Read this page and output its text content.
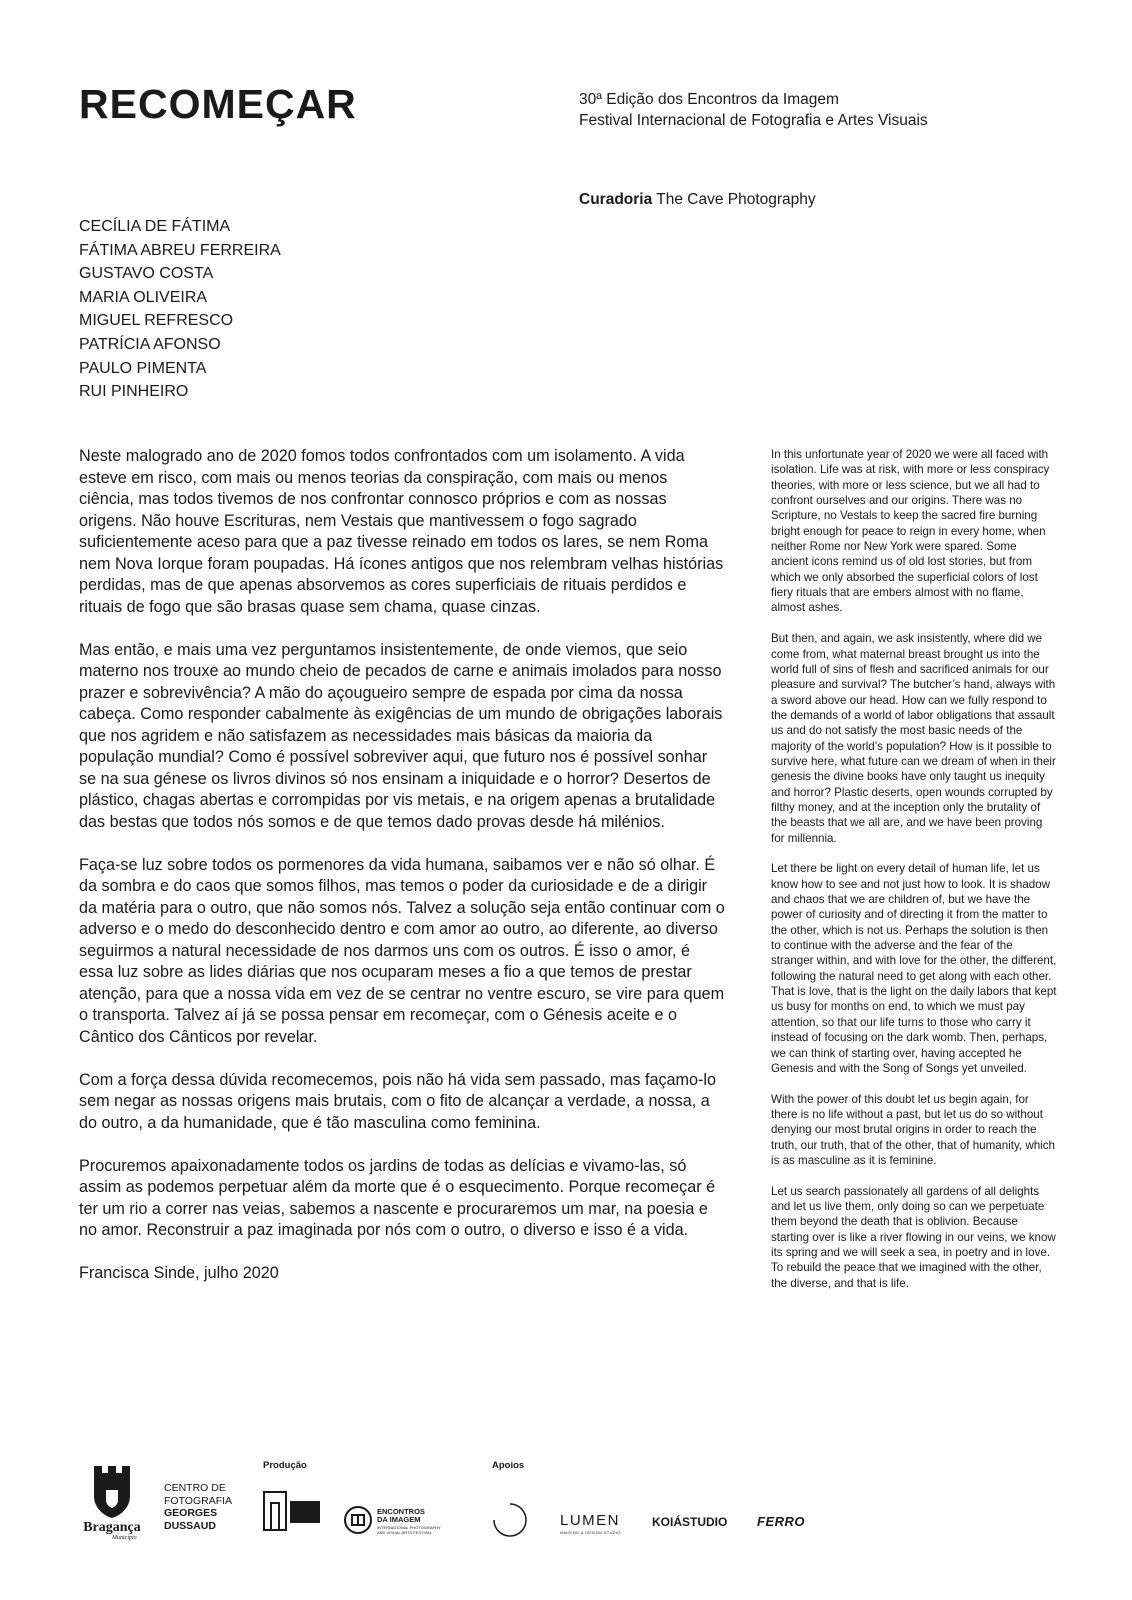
RECOMEÇAR	30ª Edição dos Encontros da Imagem
Festival Internacional de Fotografia e Artes Visuais
Curadoria The Cave Photography
CECÍLIA DE FÁTIMA
FÁTIMA ABREU FERREIRA
GUSTAVO COSTA
MARIA OLIVEIRA
MIGUEL REFRESCO
PATRÍCIA AFONSO
PAULO PIMENTA
RUI PINHEIRO

Neste malogrado ano de 2020 fomos todos confrontados com um isolamento. A vida esteve em risco, com mais ou menos teorias da conspiração, com mais ou menos ciência, mas todos tivemos de nos confrontar connosco próprios e com as nossas origens. Não houve Escrituras, nem Vestais que mantivessem o fogo sagrado suficientemente aceso para que a paz tivesse reinado em todos os lares, se nem Roma nem Nova Iorque foram poupadas. Há ícones antigos que nos relembram velhas histórias perdidas, mas de que apenas absorvemos as cores superficiais de rituais perdidos e rituais de fogo que são brasas quase sem chama, quase cinzas.

Mas então, e mais uma vez perguntamos insistentemente, de onde viemos, que seio materno nos trouxe ao mundo cheio de pecados de carne e animais imolados para nosso prazer e sobrevivência? A mão do açougueiro sempre de espada por cima da nossa cabeça. Como responder cabalmente às exigências de um mundo de obrigações laborais que nos agridem e não satisfazem as necessidades mais básicas da maioria da população mundial? Como é possível sobreviver aqui, que futuro nos é possível sonhar se na sua génese os livros divinos só nos ensinam a iniquidade e o horror? Desertos de plástico, chagas abertas e corrompidas por vis metais, e na origem apenas a brutalidade das bestas que todos nós somos e de que temos dado provas desde há milénios.

Faça-se luz sobre todos os pormenores da vida humana, saibamos ver e não só olhar. É da sombra e do caos que somos filhos, mas temos o poder da curiosidade e de a dirigir da matéria para o outro, que não somos nós. Talvez a solução seja então continuar com o adverso e o medo do desconhecido dentro e com amor ao outro, ao diferente, ao diverso seguirmos a natural necessidade de nos darmos uns com os outros. É isso o amor, é essa luz sobre as lides diárias que nos ocuparam meses a fio a que temos de prestar atenção, para que a nossa vida em vez de se centrar no ventre escuro, se vire para quem o transporta. Talvez aí já se possa pensar em recomeçar, com o Génesis aceite e o Cântico dos Cânticos por revelar.

Com a força dessa dúvida recomecemos, pois não há vida sem passado, mas façamo-lo sem negar as nossas origens mais brutais, com o fito de alcançar a verdade, a nossa, a do outro, a da humanidade, que é tão masculina como feminina.

Procuremos apaixonadamente todos os jardins de todas as delícias e vivamo-las, só assim as podemos perpetuar além da morte que é o esquecimento. Porque recomeçar é ter um rio a correr nas veias, sabemos a nascente e procuraremos um mar, na poesia e no amor. Reconstruir a paz imaginada por nós com o outro, o diverso e isso é a vida.

Francisca Sinde, julho 2020

In this unfortunate year of 2020 we were all faced with isolation. Life was at risk, with more or less conspiracy theories, with more or less science, but we all had to confront ourselves and our origins. There was no Scripture, no Vestals to keep the sacred fire burning bright enough for peace to reign in every home, when neither Rome nor New York were spared. Some ancient icons remind us of old lost stories, but from which we only absorbed the superficial colors of lost fiery rituals that are embers almost with no flame, almost ashes.

But then, and again, we ask insistently, where did we come from, what maternal breast brought us into the world full of sins of flesh and sacrificed animals for our pleasure and survival? The butcher’s hand, always with a sword above our head. How can we fully respond to the demands of a world of labor obligations that assault us and do not satisfy the most basic needs of the majority of the world’s population? How is it possible to survive here, what future can we dream of when in their genesis the divine books have only taught us inequity and horror? Plastic deserts, open wounds corrupted by filthy money, and at the inception only the brutality of the beasts that we all are, and we have been proving for millennia.

Let there be light on every detail of human life, let us know how to see and not just how to look. It is shadow and chaos that we are children of, but we have the power of curiosity and of directing it from the matter to the other, which is not us. Perhaps the solution is then to continue with the adverse and the fear of the stranger within, and with love for the other, the different, following the natural need to get along with each other. That is love, that is the light on the daily labors that kept us busy for months on end, to which we must pay attention, so that our life turns to those who carry it instead of focusing on the dark womb. Then, perhaps, we can think of starting over, having accepted he Genesis and with the Song of Songs yet unveiled.

With the power of this doubt let us begin again, for there is no life without a past, but let us do so without denying our most brutal origins in order to reach the truth, our truth, that of the other, that of humanity, which is as masculine as it is feminine.

Let us search passionately all gardens of all delights and let us live them, only doing so can we perpetuate them beyond the death that is oblivion. Because starting over is like a river flowing in our veins, we know its spring and we will seek a sea, in poetry and in love. To rebuild the peace that we imagined with the other, the diverse, and that is life.

Bragança
Município
CENTRO DE
FOTOGRAFIA
GEORGES
DUSSAUD
Produção	Apoios
ENCONTROS
DA IMAGEM
INTERNATIONAL PHOTOGRAPHY
AND VISUAL ARTS FESTIVAL
LUMEN
IMAGING & DESIGN STUDIO
KOIÁSTUDIO FERRO
